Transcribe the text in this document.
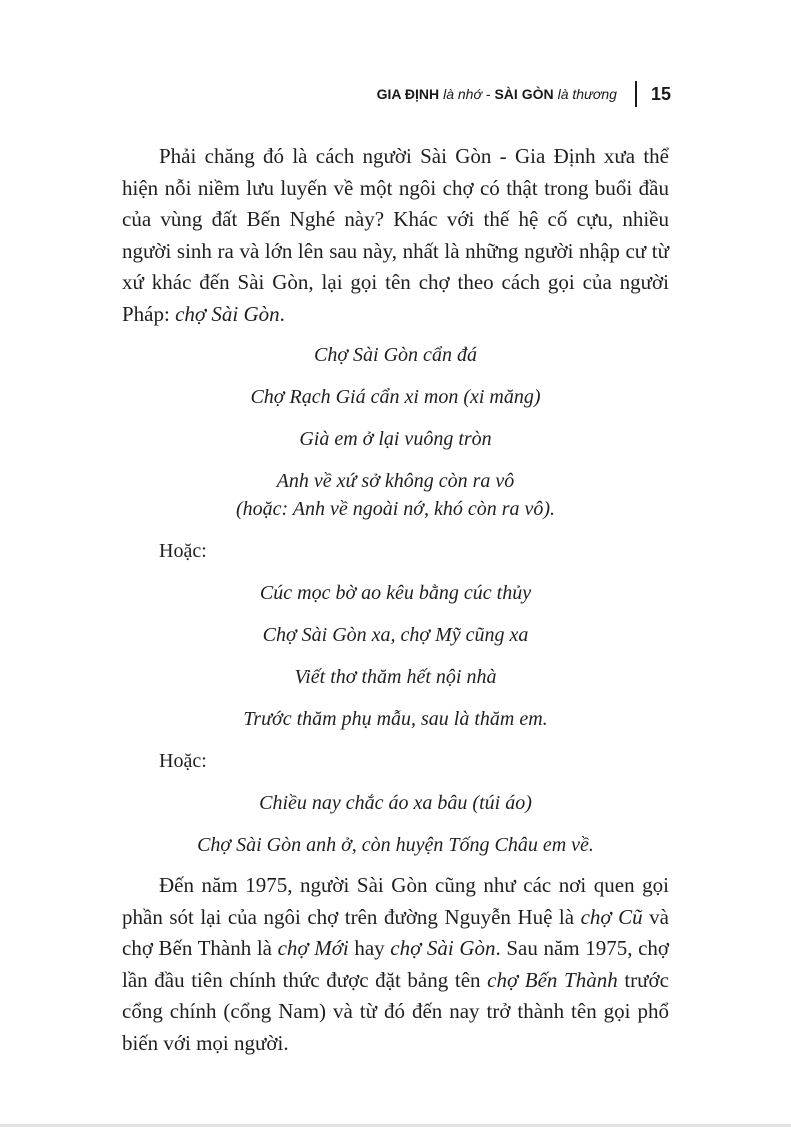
GIA ĐỊNH là nhớ - SÀI GÒN là thương 15

Phải chăng đó là cách người Sài Gòn - Gia Định xưa thể hiện nỗi niềm lưu luyến về một ngôi chợ có thật trong buổi đầu của vùng đất Bến Nghé này? Khác với thế hệ cố cựu, nhiều người sinh ra và lớn lên sau này, nhất là những người nhập cư từ xứ khác đến Sài Gòn, lại gọi tên chợ theo cách gọi của người Pháp: chợ Sài Gòn.

Chợ Sài Gòn cẩn đá
Chợ Rạch Giá cẩn xi mon (xi măng)
Già em ở lại vuông tròn
Anh về xứ sở không còn ra vô
(hoặc: Anh về ngoài nớ, khó còn ra vô).
Hoặc:
Cúc mọc bờ ao kêu bằng cúc thủy
Chợ Sài Gòn xa, chợ Mỹ cũng xa
Viết thơ thăm hết nội nhà
Trước thăm phụ mẫu, sau là thăm em.
Hoặc:
Chiều nay chắc áo xa bâu (túi áo)
Chợ Sài Gòn anh ở, còn huyện Tống Châu em về.

Đến năm 1975, người Sài Gòn cũng như các nơi quen gọi phần sót lại của ngôi chợ trên đường Nguyễn Huệ là chợ Cũ và chợ Bến Thành là chợ Mới hay chợ Sài Gòn. Sau năm 1975, chợ lần đầu tiên chính thức được đặt bảng tên chợ Bến Thành trước cổng chính (cổng Nam) và từ đó đến nay trở thành tên gọi phổ biến với mọi người.
